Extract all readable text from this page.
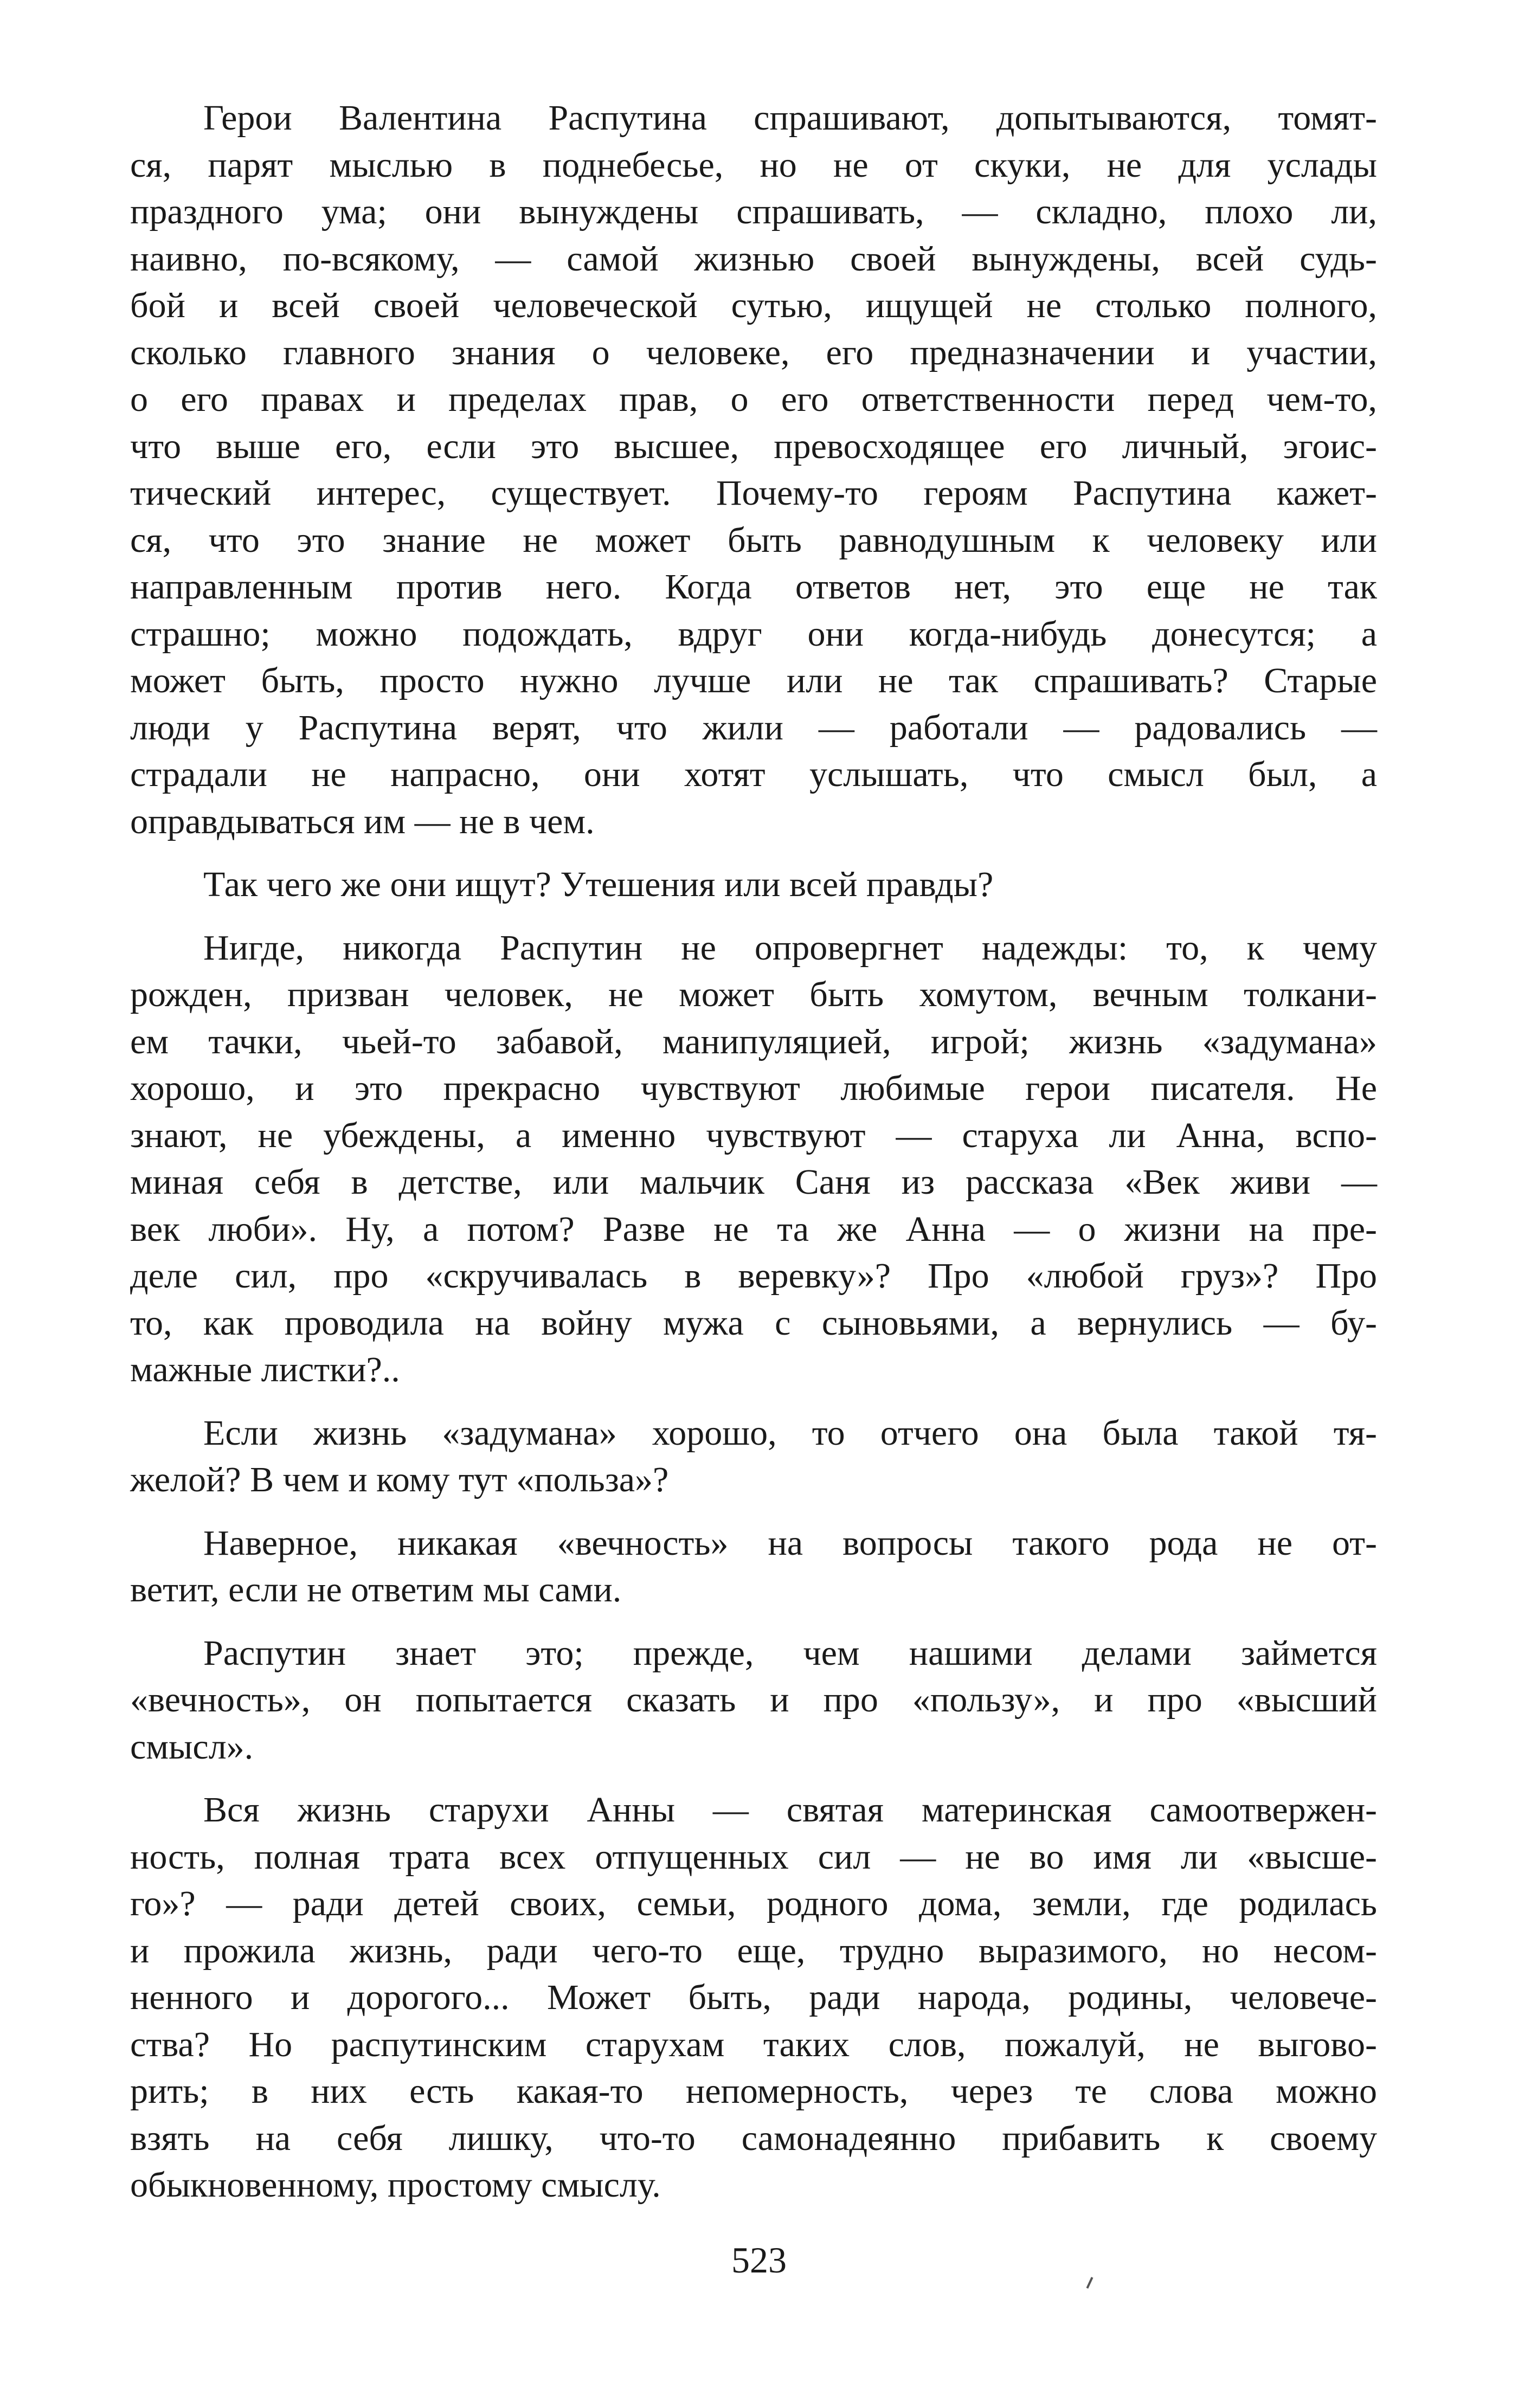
Герои Валентина Распутина спрашивают, допытываются, томят-
ся, парят мыслью в поднебесье, но не от скуки, не для услады
праздного ума; они вынуждены спрашивать, — складно, плохо ли,
наивно, по-всякому, — самой жизнью своей вынуждены, всей судь-
бой и всей своей человеческой сутью, ищущей не столько полного,
сколько главного знания о человеке, его предназначении и участии,
о его правах и пределах прав, о его ответственности перед чем-то,
что выше его, если это высшее, превосходящее его личный, эгоис-
тический интерес, существует. Почему-то героям Распутина кажет-
ся, что это знание не может быть равнодушным к человеку или
направленным против него. Когда ответов нет, это еще не так
страшно; можно подождать, вдруг они когда-нибудь донесутся; а
может быть, просто нужно лучше или не так спрашивать? Старые
люди у Распутина верят, что жили — работали — радовались —
страдали не напрасно, они хотят услышать, что смысл был, а
оправдываться им — не в чем.
Так чего же они ищут? Утешения или всей правды?
Нигде, никогда Распутин не опровергнет надежды: то, к чему
рожден, призван человек, не может быть хомутом, вечным толкани-
ем тачки, чьей-то забавой, манипуляцией, игрой; жизнь «задумана»
хорошо, и это прекрасно чувствуют любимые герои писателя. Не
знают, не убеждены, а именно чувствуют — старуха ли Анна, вспо-
миная себя в детстве, или мальчик Саня из рассказа «Век живи —
век люби». Ну, а потом? Разве не та же Анна — о жизни на пре-
деле сил, про «скручивалась в веревку»? Про «любой груз»? Про
то, как проводила на войну мужа с сыновьями, а вернулись — бу-
мажные листки?..
Если жизнь «задумана» хорошо, то отчего она была такой тя-
желой? В чем и кому тут «польза»?
Наверное, никакая «вечность» на вопросы такого рода не от-
ветит, если не ответим мы сами.
Распутин знает это; прежде, чем нашими делами займется
«вечность», он попытается сказать и про «пользу», и про «высший
смысл».
Вся жизнь старухи Анны — святая материнская самоотвержен-
ность, полная трата всех отпущенных сил — не во имя ли «высше-
го»? — ради детей своих, семьи, родного дома, земли, где родилась
и прожила жизнь, ради чего-то еще, трудно выразимого, но несом-
ненного и дорогого... Может быть, ради народа, родины, человече-
ства? Но распутинским старухам таких слов, пожалуй, не выгово-
рить; в них есть какая-то непомерность, через те слова можно
взять на себя лишку, что-то самонадеянно прибавить к своему
обыкновенному, простому смыслу.
523
